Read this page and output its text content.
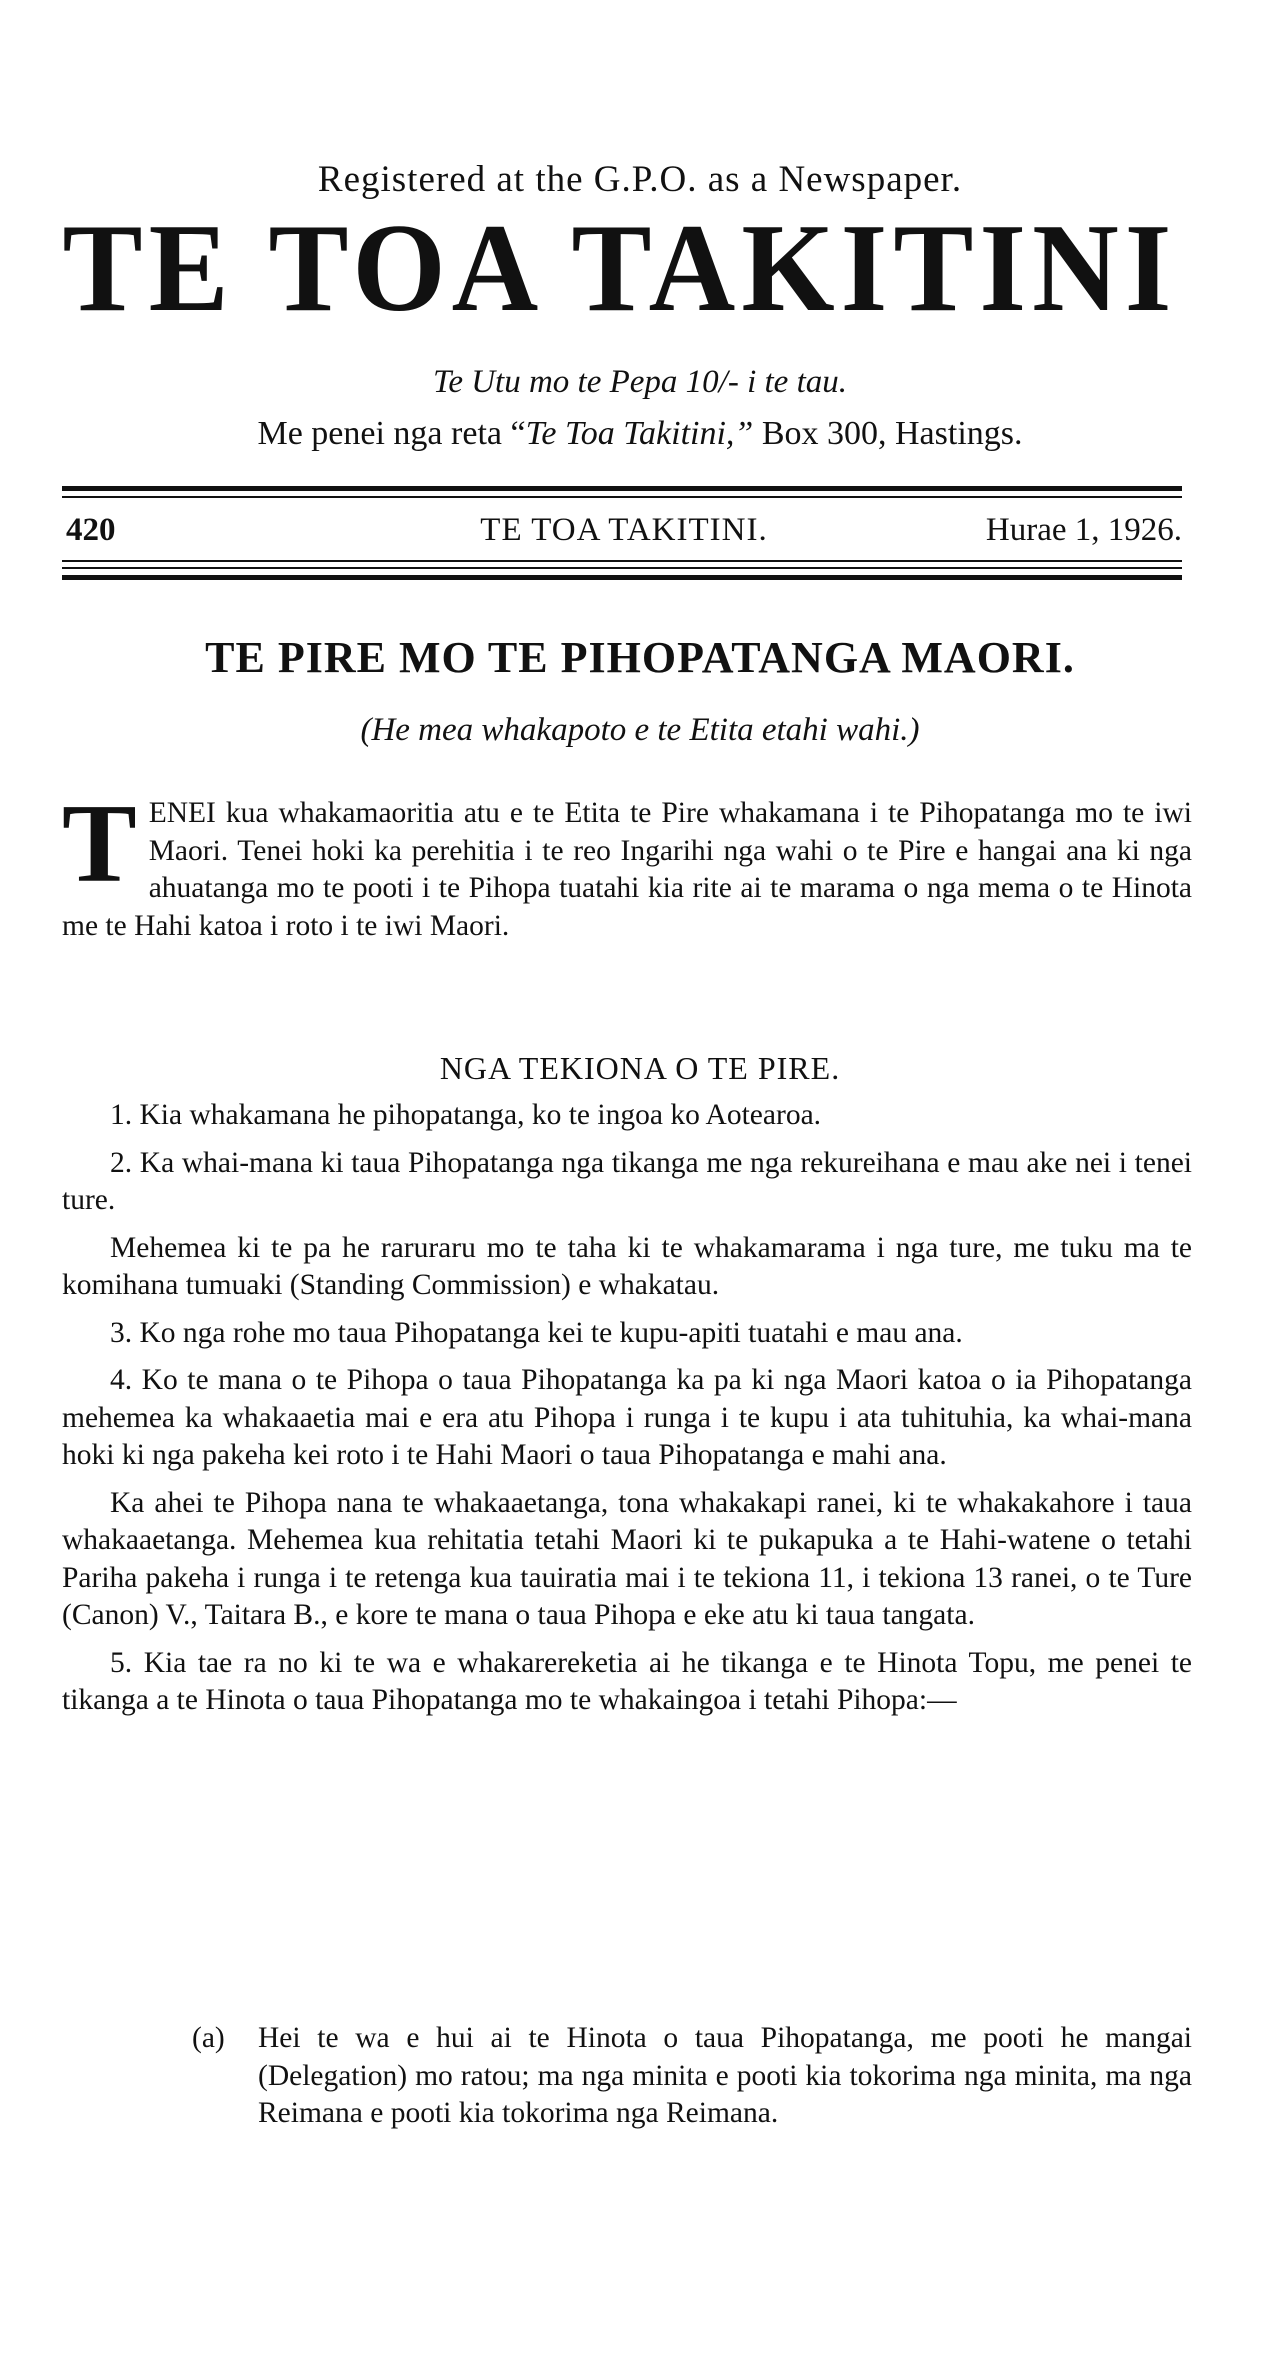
Registered at the G.P.O. as a Newspaper.
TE TOA TAKITINI
Te Utu mo te Pepa 10/- i te tau.
Me penei nga reta “Te Toa Takitini,” Box 300, Hastings.
420	TE TOA TAKITINI.	Hurae 1, 1926.
TE PIRE MO TE PIHOPATANGA MAORI.
(He mea whakapoto e te Etita etahi wahi.)
TENEI kua whakamaoritia atu e te Etita te Pire whakamana i te Pihopatanga mo te iwi Maori. Tenei hoki ka perehitia i te reo Ingarihi nga wahi o te Pire e hangai ana ki nga ahuatanga mo te pooti i te Pihopa tuatahi kia rite ai te marama o nga mema o te Hinota me te Hahi katoa i roto i te iwi Maori.
NGA TEKIONA O TE PIRE.

1. Kia whakamana he pihopatanga, ko te ingoa ko Aotearoa.

2. Ka whai-mana ki taua Pihopatanga nga tikanga me nga rekureihana e mau ake nei i tenei ture.

Mehemea ki te pa he raruraru mo te taha ki te whakamarama i nga ture, me tuku ma te komihana tumuaki (Standing Commission) e whakatau.

3. Ko nga rohe mo taua Pihopatanga kei te kupu-apiti tuatahi e mau ana.

4. Ko te mana o te Pihopa o taua Pihopatanga ka pa ki nga Maori katoa o ia Pihopatanga mehemea ka whakaaetia mai e era atu Pihopa i runga i te kupu i ata tuhituhia, ka whai-mana hoki ki nga pakeha kei roto i te Hahi Maori o taua Pihopatanga e mahi ana.

Ka ahei te Pihopa nana te whakaaetanga, tona whakakapi ranei, ki te whakakahore i taua whakaaetanga. Mehemea kua rehitatia tetahi Maori ki te pukapuka a te Hahi-watene o tetahi Pariha pakeha i runga i te retenga kua tauiratia mai i te tekiona 11, i tekiona 13 ranei, o te Ture (Canon) V., Taitara B., e kore te mana o taua Pihopa e eke atu ki taua tangata.

5. Kia tae ra no ki te wa e whakarereketia ai he tikanga e te Hinota Topu, me penei te tikanga a te Hinota o taua Pihopatanga mo te whakaingoa i tetahi Pihopa:—

(a) Hei te wa e hui ai te Hinota o taua Pihopatanga, me pooti he mangai (Delegation) mo ratou; ma nga minita e pooti kia tokorima nga minita, ma nga Reimana e pooti kia tokorima nga Reimana.
